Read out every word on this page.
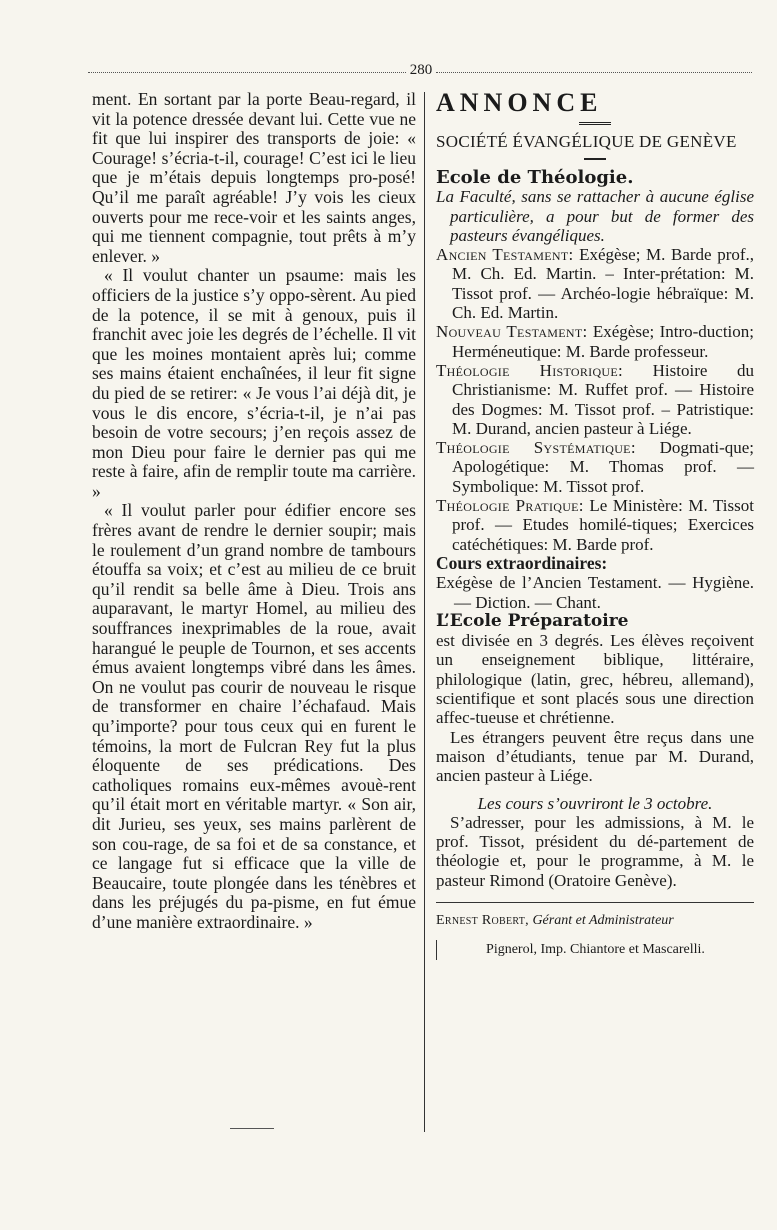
280

ment. En sortant par la porte Beau-regard, il vit la potence dressée devant lui. Cette vue ne fit que lui inspirer des transports de joie: « Courage! s’écria-t-il, courage! C’est ici le lieu que je m’étais depuis longtemps pro-posé! Qu’il me paraît agréable! J’y vois les cieux ouverts pour me rece-voir et les saints anges, qui me tiennent compagnie, tout prêts à m’y enlever. »

« Il voulut chanter un psaume: mais les officiers de la justice s’y oppo-sèrent. Au pied de la potence, il se mit à genoux, puis il franchit avec joie les degrés de l’échelle. Il vit que les moines montaient après lui; comme ses mains étaient enchaînées, il leur fit signe du pied de se retirer: « Je vous l’ai déjà dit, je vous le dis encore, s’écria-t-il, je n’ai pas besoin de votre secours; j’en reçois assez de mon Dieu pour faire le dernier pas qui me reste à faire, afin de remplir toute ma carrière. »

« Il voulut parler pour édifier encore ses frères avant de rendre le dernier soupir; mais le roulement d’un grand nombre de tambours étouffa sa voix; et c’est au milieu de ce bruit qu’il rendit sa belle âme à Dieu. Trois ans auparavant, le martyr Homel, au milieu des souffrances inexprimables de la roue, avait harangué le peuple de Tournon, et ses accents émus avaient longtemps vibré dans les âmes. On ne voulut pas courir de nouveau le risque de transformer en chaire l’échafaud. Mais qu’importe? pour tous ceux qui en furent le témoins, la mort de Fulcran Rey fut la plus éloquente de ses prédications. Des catholiques romains eux-mêmes avouè-rent qu’il était mort en véritable martyr. « Son air, dit Jurieu, ses yeux, ses mains parlèrent de son cou-rage, de sa foi et de sa constance, et ce langage fut si efficace que la ville de Beaucaire, toute plongée dans les ténèbres et dans les préjugés du pa-pisme, en fut émue d’une manière extraordinaire. »

ANNONCE

SOCIÉTÉ ÉVANGÉLIQUE DE GENÈVE

Ecole de Théologie.

La Faculté, sans se rattacher à aucune église particulière, a pour but de former des pasteurs évangéliques.

Ancien Testament: Exégèse; M. Barde prof., M. Ch. Ed. Martin. – Inter-prétation: M. Tissot prof. — Archéo-logie hébraïque: M. Ch. Ed. Martin.

Nouveau Testament: Exégèse; Intro-duction; Herméneutique: M. Barde professeur.

Théologie Historique: Histoire du Christianisme: M. Ruffet prof. — Histoire des Dogmes: M. Tissot prof. – Patristique: M. Durand, ancien pasteur à Liége.

Théologie Systématique: Dogmati-que; Apologétique: M. Thomas prof. — Symbolique: M. Tissot prof.

Théologie Pratique: Le Ministère: M. Tissot prof. — Etudes homilé-tiques; Exercices catéchétiques: M. Barde prof.

Cours extraordinaires:

Exégèse de l’Ancien Testament. — Hygiène. — Diction. — Chant.

L’Ecole Préparatoire

est divisée en 3 degrés. Les élèves reçoivent un enseignement biblique, littéraire, philologique (latin, grec, hébreu, allemand), scientifique et sont placés sous une direction affec-tueuse et chrétienne.

Les étrangers peuvent être reçus dans une maison d’étudiants, tenue par M. Durand, ancien pasteur à Liége.

Les cours s’ouvriront le 3 octobre.

S’adresser, pour les admissions, à M. le prof. Tissot, président du dé-partement de théologie et, pour le programme, à M. le pasteur Rimond (Oratoire Genève).

Ernest Robert, Gérant et Administrateur

Pignerol, Imp. Chiantore et Mascarelli.
